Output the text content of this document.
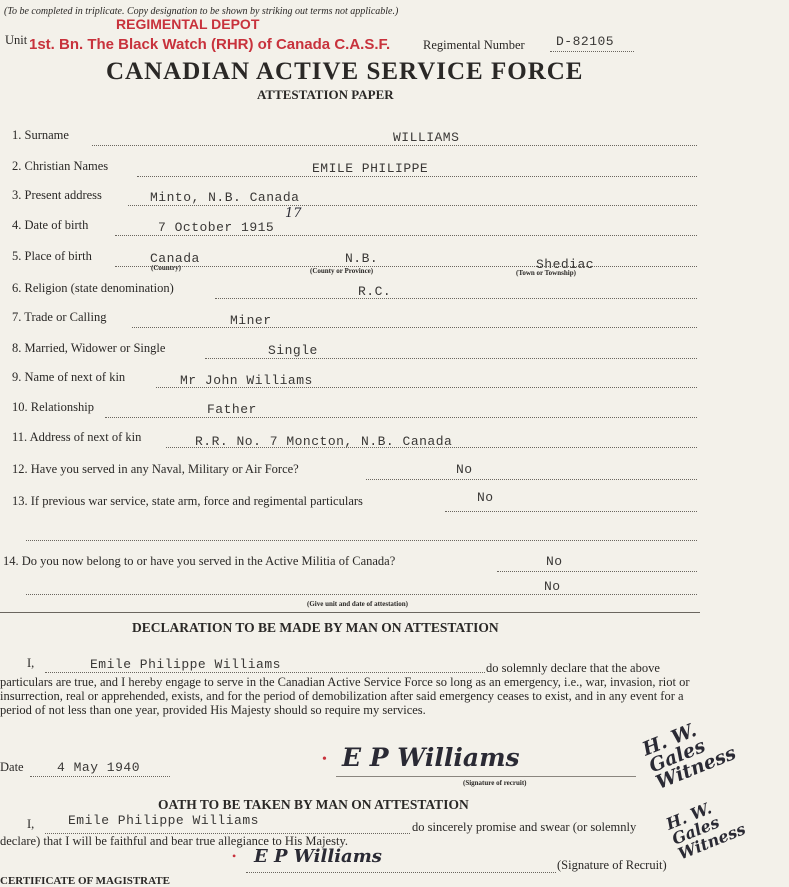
(To be completed in triplicate. Copy designation to be shown by striking out terms not applicable.)
REGIMENTAL DEPOT
Unit 1st. Bn. The Black Watch (RHR) of Canada C.A.S.F.	Regimental Number D-82105
CANADIAN ACTIVE SERVICE FORCE
ATTESTATION PAPER
1. Surname	WILLIAMS
2. Christian Names	EMILE PHILIPPE
3. Present address	Minto, N.B. Canada
4. Date of birth	7 October 1915
17
5. Place of birth	Canada	N.B.	Shediac
(Country)	(County or Province)	(Town or Township)
6. Religion (state denomination)	R.C.
7. Trade or Calling	Miner
8. Married, Widower or Single	Single
9. Name of next of kin	Mr John Williams
10. Relationship	Father
11. Address of next of kin	R.R. No. 7 Moncton, N.B. Canada
12. Have you served in any Naval, Military or Air Force?	No
13. If previous war service, state arm, force and regimental particulars	No
14. Do you now belong to or have you served in the Active Militia of Canada?	No
No
(Give unit and date of attestation)
DECLARATION TO BE MADE BY MAN ON ATTESTATION
I,	Emile Philippe Williams	do solemnly declare that the above

particulars are true, and I hereby engage to serve in the Canadian Active Service Force so long as an emergency, i.e., war, invasion, riot or insurrection, real or apprehended, exists, and for the period of demobilization after said emergency ceases to exist, and in any event for a period of not less than one year, provided His Majesty should so require my services.

Date	4 May 1940
• E P Williams
(Signature of recruit)
H. W. Gales Witness
OATH TO BE TAKEN BY MAN ON ATTESTATION
I,	Emile Philippe Williams	do sincerely promise and swear (or solemnly
declare) that I will be faithful and bear true allegiance to His Majesty.
• E P Williams	(Signature of Recruit)
H. W. Gales Witness
CERTIFICATE OF MAGISTRATE
